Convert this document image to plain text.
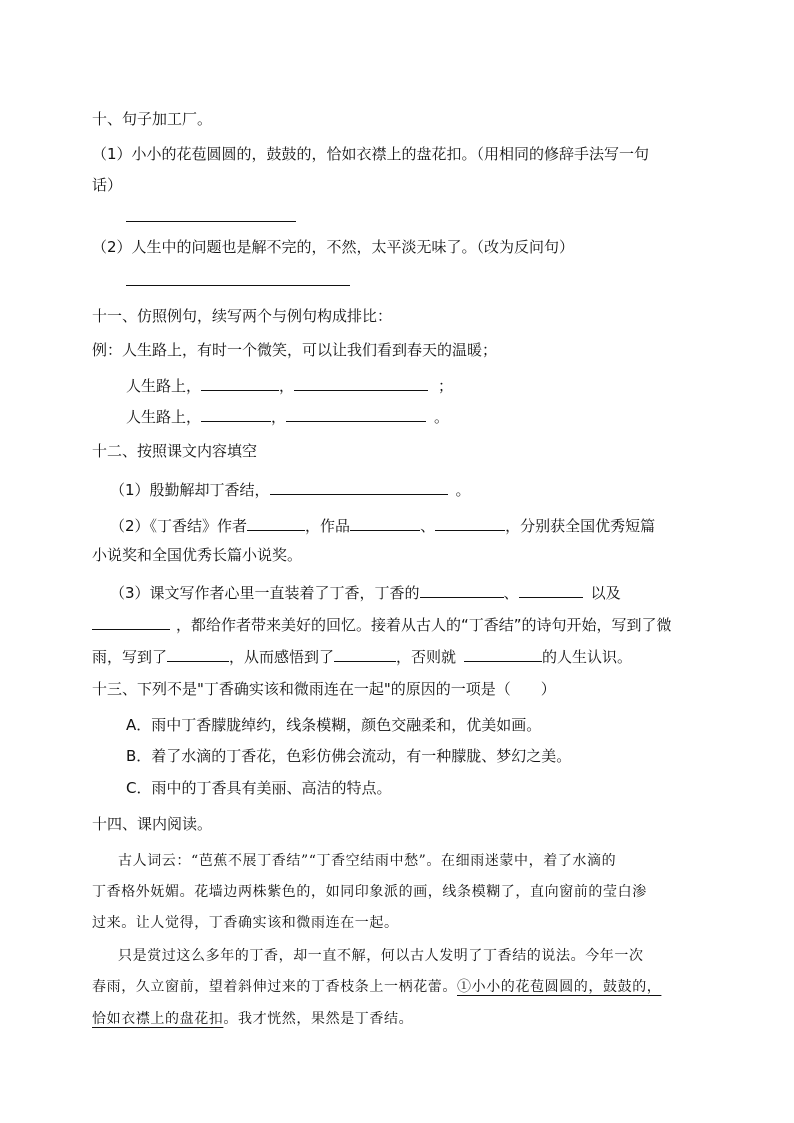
十、句子加工厂。
（1）小小的花苞圆圆的，鼓鼓的，恰如衣襟上的盘花扣。（用相同的修辞手法写一句
话）
（2）人生中的问题也是解不完的，不然，太平淡无味了。（改为反问句）
十一、仿照例句，续写两个与例句构成排比：
例：人生路上，有时一个微笑，可以让我们看到春天的温暖；
人生路上，	，	；
人生路上，	，	。
十二、按照课文内容填空
（1）殷勤解却丁香结，	。
（2）《丁香结》作者	，作品	、	，分别获全国优秀短篇
小说奖和全国优秀长篇小说奖。
（3）课文写作者心里一直装着了丁香，丁香的	、	以及
，都给作者带来美好的回忆。接着从古人的“丁香结”的诗句开始，写到了微
雨，写到了	，从而感悟到了	，否则就	的人生认识。
十三、下列不是"丁香确实该和微雨连在一起"的原因的一项是（　　）
A．雨中丁香朦胧绰约，线条模糊，颜色交融柔和，优美如画。
B．着了水滴的丁香花，色彩仿佛会流动，有一种朦胧、梦幻之美。
C．雨中的丁香具有美丽、高洁的特点。
十四、课内阅读。
古人词云：“芭蕉不展丁香结”“丁香空结雨中愁”。在细雨迷蒙中，着了水滴的
丁香格外妩媚。花墙边两株紫色的，如同印象派的画，线条模糊了，直向窗前的莹白渗
过来。让人觉得，丁香确实该和微雨连在一起。
只是赏过这么多年的丁香，却一直不解，何以古人发明了丁香结的说法。今年一次
春雨，久立窗前，望着斜伸过来的丁香枝条上一柄花蕾。①小小的花苞圆圆的，鼓鼓的，
恰如衣襟上的盘花扣。我才恍然，果然是丁香结。
